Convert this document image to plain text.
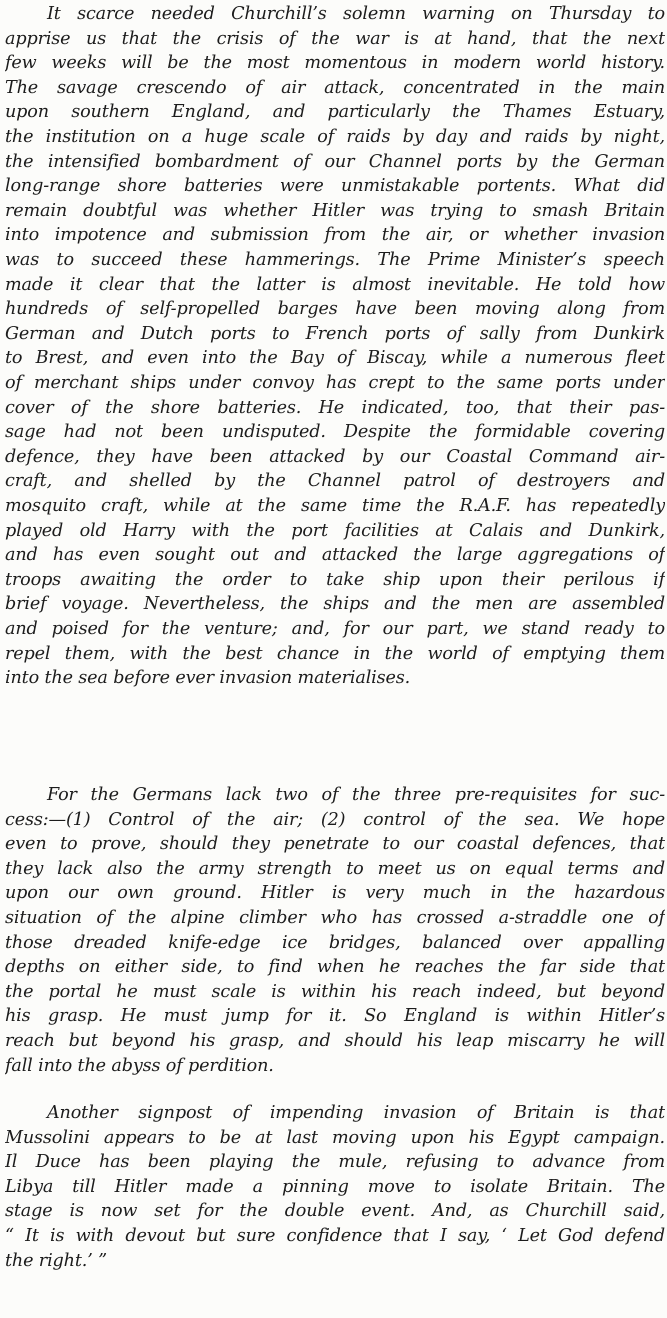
It scarce needed Churchill’s solemn warning on Thursday to
apprise us that the crisis of the war is at hand, that the next
few weeks will be the most momentous in modern world history.
The savage crescendo of air attack, concentrated in the main
upon southern England, and particularly the Thames Estuary,
the institution on a huge scale of raids by day and raids by night,
the intensified bombardment of our Channel ports by the German
long-range shore batteries were unmistakable portents. What did
remain doubtful was whether Hitler was trying to smash Britain
into impotence and submission from the air, or whether invasion
was to succeed these hammerings. The Prime Minister’s speech
made it clear that the latter is almost inevitable. He told how
hundreds of self-propelled barges have been moving along from
German and Dutch ports to French ports of sally from Dunkirk
to Brest, and even into the Bay of Biscay, while a numerous fleet
of merchant ships under convoy has crept to the same ports under
cover of the shore batteries. He indicated, too, that their pas-
sage had not been undisputed. Despite the formidable covering
defence, they have been attacked by our Coastal Command air-
craft, and shelled by the Channel patrol of destroyers and
mosquito craft, while at the same time the R.A.F. has repeatedly
played old Harry with the port facilities at Calais and Dunkirk,
and has even sought out and attacked the large aggregations of
troops awaiting the order to take ship upon their perilous if
brief voyage. Nevertheless, the ships and the men are assembled
and poised for the venture; and, for our part, we stand ready to
repel them, with the best chance in the world of emptying them
into the sea before ever invasion materialises.
For the Germans lack two of the three pre-requisites for suc-
cess:—(1) Control of the air; (2) control of the sea. We hope
even to prove, should they penetrate to our coastal defences, that
they lack also the army strength to meet us on equal terms and
upon our own ground. Hitler is very much in the hazardous
situation of the alpine climber who has crossed a-straddle one of
those dreaded knife-edge ice bridges, balanced over appalling
depths on either side, to find when he reaches the far side that
the portal he must scale is within his reach indeed, but beyond
his grasp. He must jump for it. So England is within Hitler’s
reach but beyond his grasp, and should his leap miscarry he will
fall into the abyss of perdition.
Another signpost of impending invasion of Britain is that
Mussolini appears to be at last moving upon his Egypt campaign.
Il Duce has been playing the mule, refusing to advance from
Libya till Hitler made a pinning move to isolate Britain. The
stage is now set for the double event. And, as Churchill said,
“ It is with devout but sure confidence that I say, ‘ Let God defend
the right.’ ”
